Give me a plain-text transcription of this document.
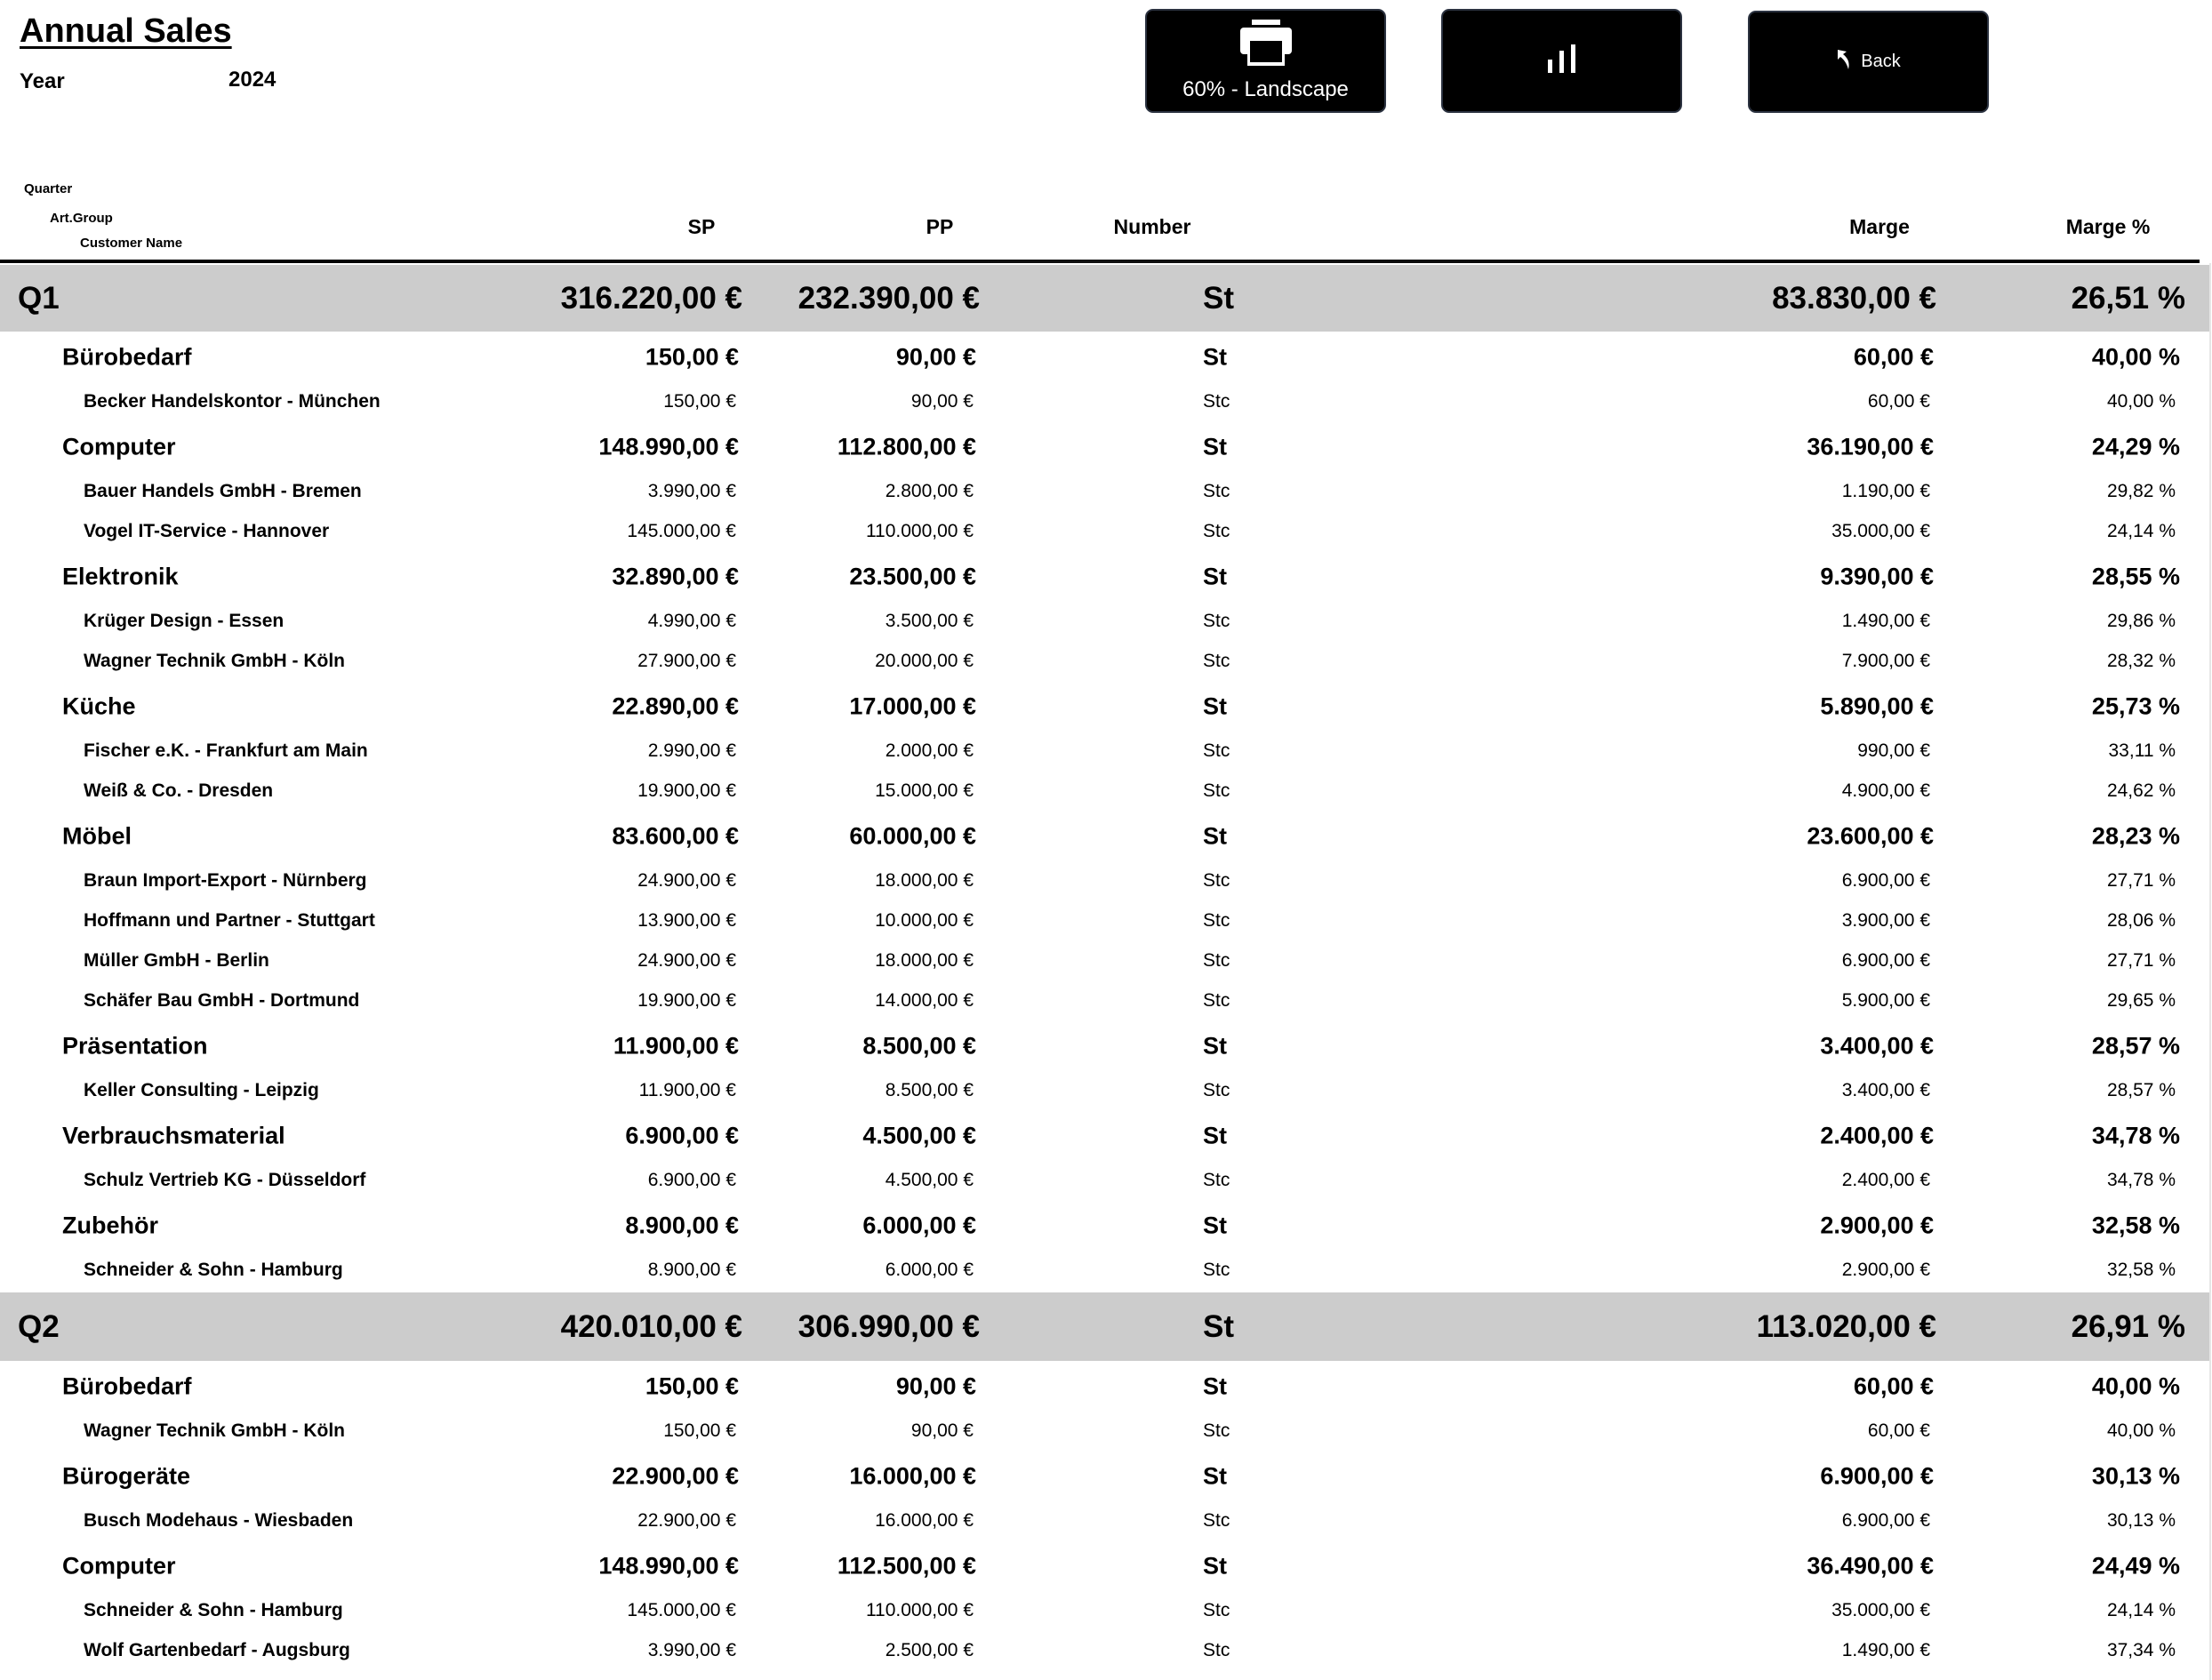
Annual Sales
Year	2024	60% - Landscape
Back
Quarter
Art.Group
Customer Name
SP	PP	Number	Marge	Marge %
Q1	316.220,00 € 232.390,00 €	St	83.830,00 €	26,51 %
Bürobedarf	150,00 €	90,00 €	St	60,00 €	40,00 %
Becker Handelskontor - München	150,00 €	90,00 €	Stc	60,00 €	40,00 %
Computer	148.990,00 €	112.800,00 €	St	36.190,00 €	24,29 %
Bauer Handels GmbH - Bremen	3.990,00 €	2.800,00 €	Stc	1.190,00 €	29,82 %
Vogel IT-Service - Hannover	145.000,00 €	110.000,00 €	Stc	35.000,00 €	24,14 %
Elektronik	32.890,00 €	23.500,00 €	St	9.390,00 €	28,55 %
Krüger Design - Essen	4.990,00 €	3.500,00 €	Stc	1.490,00 €	29,86 %
Wagner Technik GmbH - Köln	27.900,00 €	20.000,00 €	Stc	7.900,00 €	28,32 %
Küche	22.890,00 €	17.000,00 €	St	5.890,00 €	25,73 %
Fischer e.K. - Frankfurt am Main	2.990,00 €	2.000,00 €	Stc	990,00 €	33,11 %
Weiß & Co. - Dresden	19.900,00 €	15.000,00 €	Stc	4.900,00 €	24,62 %
Möbel	83.600,00 €	60.000,00 €	St	23.600,00 €	28,23 %
Braun Import-Export - Nürnberg	24.900,00 €	18.000,00 €	Stc	6.900,00 €	27,71 %
Hoffmann und Partner - Stuttgart	13.900,00 €	10.000,00 €	Stc	3.900,00 €	28,06 %
Müller GmbH - Berlin	24.900,00 €	18.000,00 €	Stc	6.900,00 €	27,71 %
Schäfer Bau GmbH - Dortmund	19.900,00 €	14.000,00 €	Stc	5.900,00 €	29,65 %
Präsentation	11.900,00 €	8.500,00 €	St	3.400,00 €	28,57 %
Keller Consulting - Leipzig	11.900,00 €	8.500,00 €	Stc	3.400,00 €	28,57 %
Verbrauchsmaterial	6.900,00 €	4.500,00 €	St	2.400,00 €	34,78 %
Schulz Vertrieb KG - Düsseldorf	6.900,00 €	4.500,00 €	Stc	2.400,00 €	34,78 %
Zubehör	8.900,00 €	6.000,00 €	St	2.900,00 €	32,58 %
Schneider & Sohn - Hamburg	8.900,00 €	6.000,00 €	Stc	2.900,00 €	32,58 %
Q2	420.010,00 € 306.990,00 €	St	113.020,00 €	26,91 %
Bürobedarf	150,00 €	90,00 €	St	60,00 €	40,00 %
Wagner Technik GmbH - Köln	150,00 €	90,00 €	Stc	60,00 €	40,00 %
Bürogeräte	22.900,00 €	16.000,00 €	St	6.900,00 €	30,13 %
Busch Modehaus - Wiesbaden	22.900,00 €	16.000,00 €	Stc	6.900,00 €	30,13 %
Computer	148.990,00 €	112.500,00 €	St	36.490,00 €	24,49 %
Schneider & Sohn - Hamburg	145.000,00 €	110.000,00 €	Stc	35.000,00 €	24,14 %
Wolf Gartenbedarf - Augsburg	3.990,00 €	2.500,00 €	Stc	1.490,00 €	37,34 %
